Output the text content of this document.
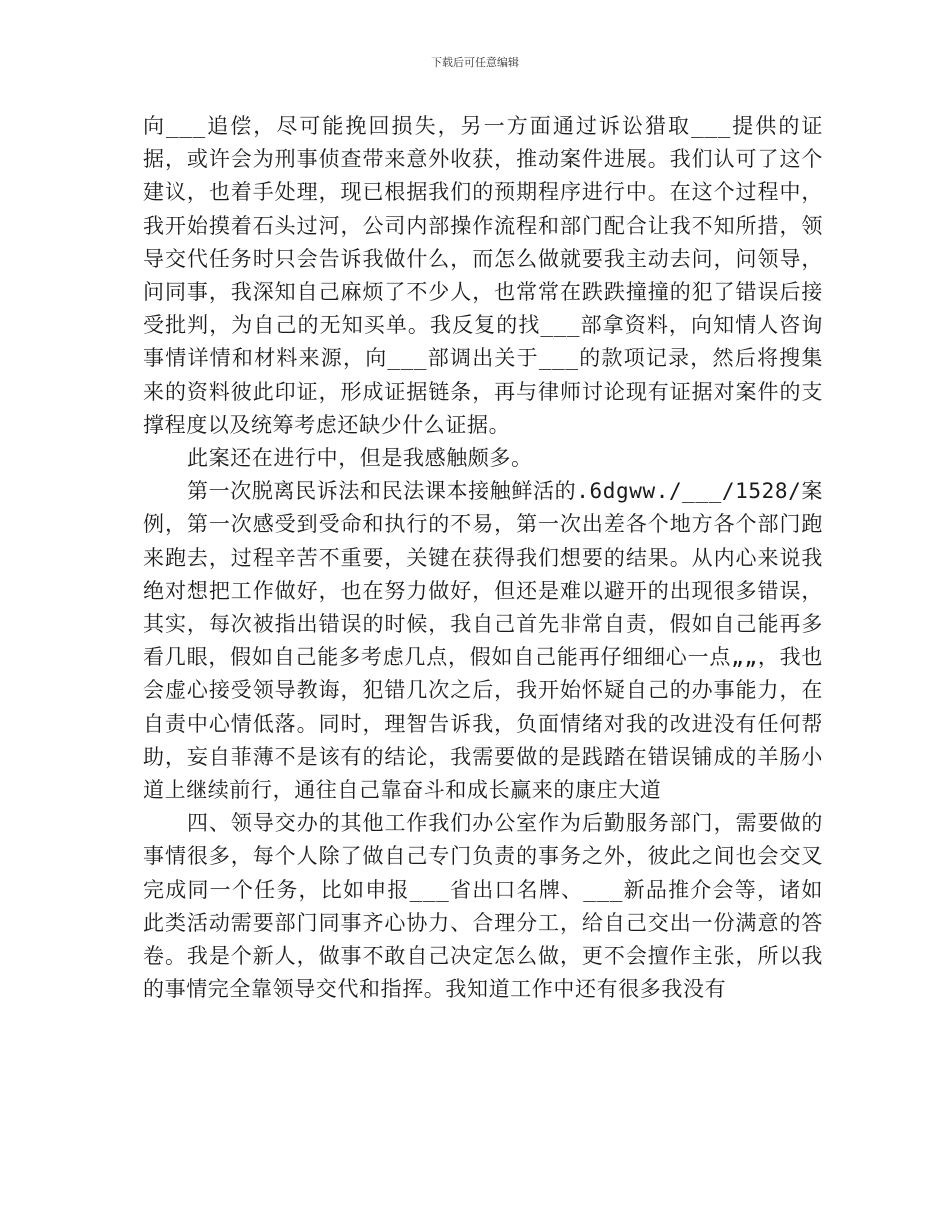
下载后可任意编辑

向___追偿，尽可能挽回损失，另一方面通过诉讼猎取___提供的证据，或许会为刑事侦查带来意外收获，推动案件进展。我们认可了这个建议，也着手处理，现已根据我们的预期程序进行中。在这个过程中，我开始摸着石头过河，公司内部操作流程和部门配合让我不知所措，领导交代任务时只会告诉我做什么，而怎么做就要我主动去问，问领导，问同事，我深知自己麻烦了不少人，也常常在跌跌撞撞的犯了错误后接受批判，为自己的无知买单。我反复的找___部拿资料，向知情人咨询事情详情和材料来源，向___部调出关于___的款项记录，然后将搜集来的资料彼此印证，形成证据链条，再与律师讨论现有证据对案件的支撑程度以及统筹考虑还缺少什么证据。

此案还在进行中，但是我感触颇多。

第一次脱离民诉法和民法课本接触鲜活的.6dgww./___/1528/案例，第一次感受到受命和执行的不易，第一次出差各个地方各个部门跑来跑去，过程辛苦不重要，关键在获得我们想要的结果。从内心来说我绝对想把工作做好，也在努力做好，但还是难以避开的出现很多错误，其实，每次被指出错误的时候，我自己首先非常自责，假如自己能再多看几眼，假如自己能多考虑几点，假如自己能再仔细细心一点„„，我也会虚心接受领导教诲，犯错几次之后，我开始怀疑自己的办事能力，在自责中心情低落。同时，理智告诉我，负面情绪对我的改进没有任何帮助，妄自菲薄不是该有的结论，我需要做的是践踏在错误铺成的羊肠小道上继续前行，通往自己靠奋斗和成长赢来的康庄大道

四、领导交办的其他工作我们办公室作为后勤服务部门，需要做的事情很多，每个人除了做自己专门负责的事务之外，彼此之间也会交叉完成同一个任务，比如申报___省出口名牌、___新品推介会等，诸如此类活动需要部门同事齐心协力、合理分工，给自己交出一份满意的答卷。我是个新人，做事不敢自己决定怎么做，更不会擅作主张，所以我的事情完全靠领导交代和指挥。我知道工作中还有很多我没有
